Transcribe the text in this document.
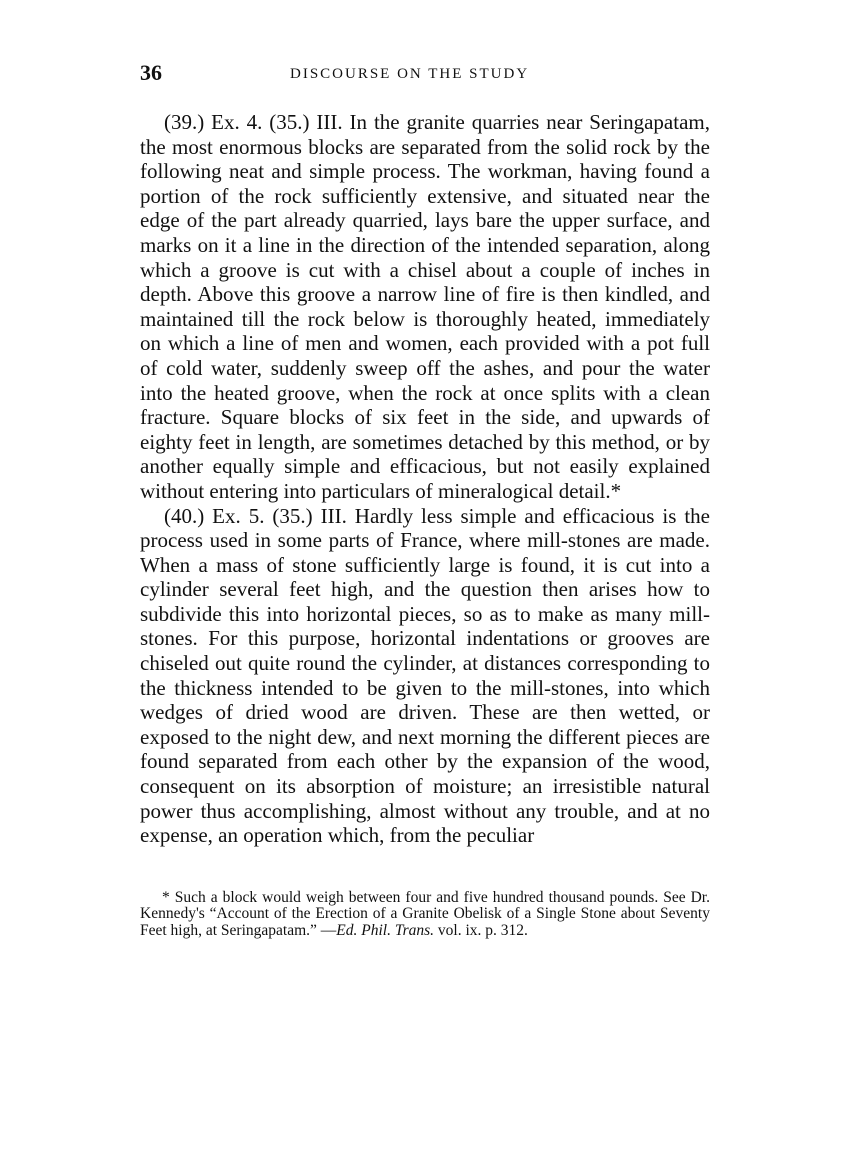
36	DISCOURSE ON THE STUDY

(39.) Ex. 4. (35.) III. In the granite quarries near Seringapatam, the most enormous blocks are separated from the solid rock by the following neat and simple process. The workman, having found a portion of the rock sufficiently extensive, and situated near the edge of the part already quarried, lays bare the upper surface, and marks on it a line in the direction of the intended separation, along which a groove is cut with a chisel about a couple of inches in depth. Above this groove a narrow line of fire is then kindled, and maintained till the rock below is thoroughly heated, immediately on which a line of men and women, each provided with a pot full of cold water, suddenly sweep off the ashes, and pour the water into the heated groove, when the rock at once splits with a clean fracture. Square blocks of six feet in the side, and upwards of eighty feet in length, are sometimes detached by this method, or by another equally simple and efficacious, but not easily explained without entering into particulars of mineralogical detail.*

(40.) Ex. 5. (35.) III. Hardly less simple and efficacious is the process used in some parts of France, where mill-stones are made. When a mass of stone sufficiently large is found, it is cut into a cylinder several feet high, and the question then arises how to subdivide this into horizontal pieces, so as to make as many mill-stones. For this purpose, horizontal indentations or grooves are chiseled out quite round the cylinder, at distances corresponding to the thickness intended to be given to the mill-stones, into which wedges of dried wood are driven. These are then wetted, or exposed to the night dew, and next morning the different pieces are found separated from each other by the expansion of the wood, consequent on its absorption of moisture; an irresistible natural power thus accomplishing, almost without any trouble, and at no expense, an operation which, from the peculiar

* Such a block would weigh between four and five hundred thousand pounds. See Dr. Kennedy's “Account of the Erection of a Granite Obelisk of a Single Stone about Seventy Feet high, at Seringapatam.” —Ed. Phil. Trans. vol. ix. p. 312.
